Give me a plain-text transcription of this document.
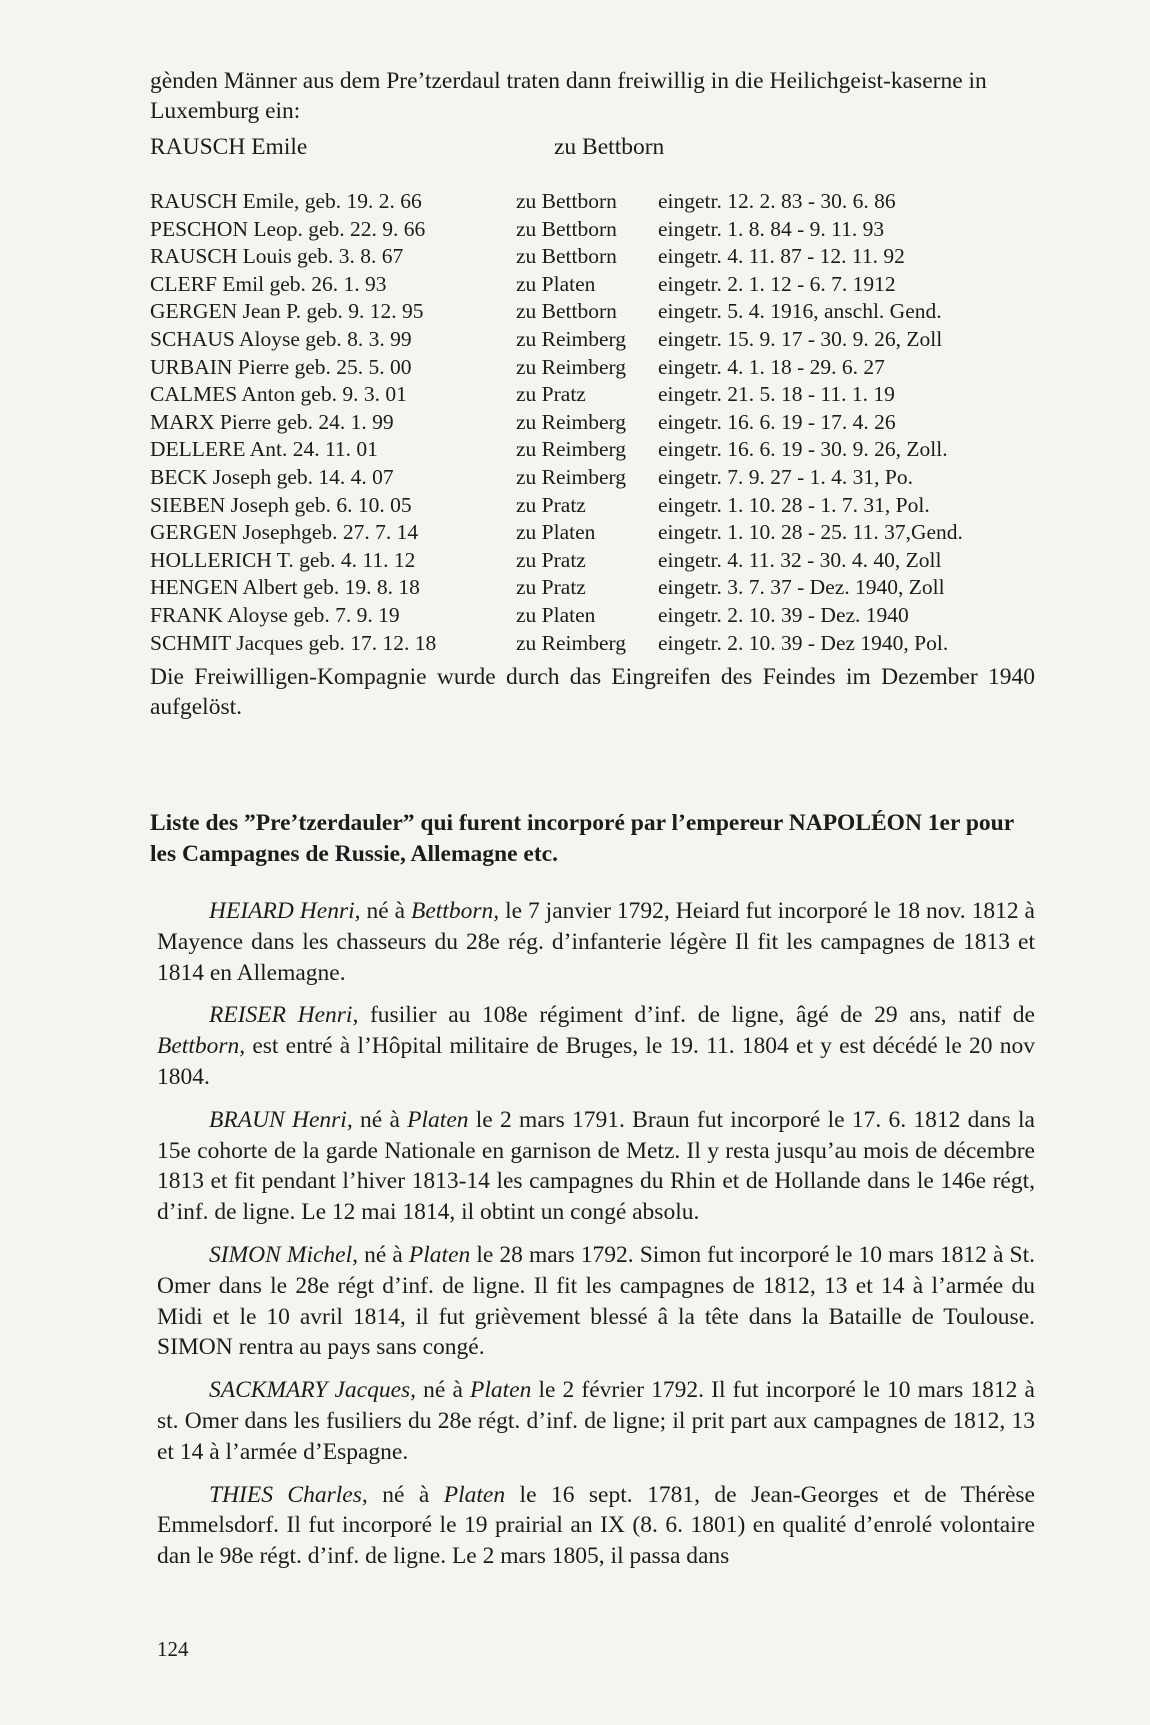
gènden Männer aus dem Pre’tzerdaul traten dann freiwillig in die Heilichgeist-kaserne in Luxemburg ein:

RAUSCH Emile	zu Bettborn
RAUSCH Emile, geb. 19. 2. 66	zu Bettborn eingetr. 12. 2. 83 - 30. 6. 86
PESCHON Leop. geb. 22. 9. 66	zu Bettborn eingetr. 1. 8. 84 - 9. 11. 93
RAUSCH Louis geb. 3. 8. 67	zu Bettborn eingetr. 4. 11. 87 - 12. 11. 92
CLERF Emil geb. 26. 1. 93	zu Platen	eingetr. 2. 1. 12 - 6. 7. 1912
GERGEN Jean P. geb. 9. 12. 95	zu Bettborn eingetr. 5. 4. 1916, anschl. Gend.
SCHAUS Aloyse geb. 8. 3. 99	zu Reimberg eingetr. 15. 9. 17 - 30. 9. 26, Zoll
URBAIN Pierre geb. 25. 5. 00	zu Reimberg eingetr. 4. 1. 18 - 29. 6. 27
CALMES Anton geb. 9. 3. 01	zu Pratz	eingetr. 21. 5. 18 - 11. 1. 19
MARX Pierre geb. 24. 1. 99	zu Reimberg eingetr. 16. 6. 19 - 17. 4. 26
DELLERE Ant. 24. 11. 01	zu Reimberg eingetr. 16. 6. 19 - 30. 9. 26, Zoll.
BECK Joseph geb. 14. 4. 07	zu Reimberg eingetr. 7. 9. 27 - 1. 4. 31, Po.
SIEBEN Joseph geb. 6. 10. 05	zu Pratz	eingetr. 1. 10. 28 - 1. 7. 31, Pol.
GERGEN Josephgeb. 27. 7. 14	zu Platen	eingetr. 1. 10. 28 - 25. 11. 37,Gend.
HOLLERICH T. geb. 4. 11. 12	zu Pratz	eingetr. 4. 11. 32 - 30. 4. 40, Zoll
HENGEN Albert geb. 19. 8. 18	zu Pratz	eingetr. 3. 7. 37 - Dez. 1940, Zoll
FRANK Aloyse geb. 7. 9. 19	zu Platen	eingetr. 2. 10. 39 - Dez. 1940
SCHMIT Jacques geb. 17. 12. 18	zu Reimberg eingetr. 2. 10. 39 - Dez 1940, Pol.

Die Freiwilligen-Kompagnie wurde durch das Eingreifen des Feindes im Dezember 1940 aufgelöst.

Liste des ”Pre’tzerdauler” qui furent incorporé par l’empereur NAPOLÉON 1er pour les Campagnes de Russie, Allemagne etc.

HEIARD Henri, né à Bettborn, le 7 janvier 1792, Heiard fut incorporé le 18 nov. 1812 à Mayence dans les chasseurs du 28e rég. d’infanterie légère Il fit les campagnes de 1813 et 1814 en Allemagne.

REISER Henri, fusilier au 108e régiment d’inf. de ligne, âgé de 29 ans, natif de Bettborn, est entré à l’Hôpital militaire de Bruges, le 19. 11. 1804 et y est décédé le 20 nov 1804.

BRAUN Henri, né à Platen le 2 mars 1791. Braun fut incorporé le 17. 6. 1812 dans la 15e cohorte de la garde Nationale en garnison de Metz. Il y resta jusqu’au mois de décembre 1813 et fit pendant l’hiver 1813-14 les campagnes du Rhin et de Hollande dans le 146e régt, d’inf. de ligne. Le 12 mai 1814, il obtint un congé absolu.

SIMON Michel, né à Platen le 28 mars 1792. Simon fut incorporé le 10 mars 1812 à St. Omer dans le 28e régt d’inf. de ligne. Il fit les campagnes de 1812, 13 et 14 à l’armée du Midi et le 10 avril 1814, il fut grièvement blessé â la tête dans la Bataille de Toulouse. SIMON rentra au pays sans congé.

SACKMARY Jacques, né à Platen le 2 février 1792. Il fut incorporé le 10 mars 1812 à st. Omer dans les fusiliers du 28e régt. d’inf. de ligne; il prit part aux campagnes de 1812, 13 et 14 à l’armée d’Espagne.

THIES Charles, né à Platen le 16 sept. 1781, de Jean-Georges et de Thérèse Emmelsdorf. Il fut incorporé le 19 prairial an IX (8. 6. 1801) en qualité d’enrolé volontaire dan le 98e régt. d’inf. de ligne. Le 2 mars 1805, il passa dans

124
